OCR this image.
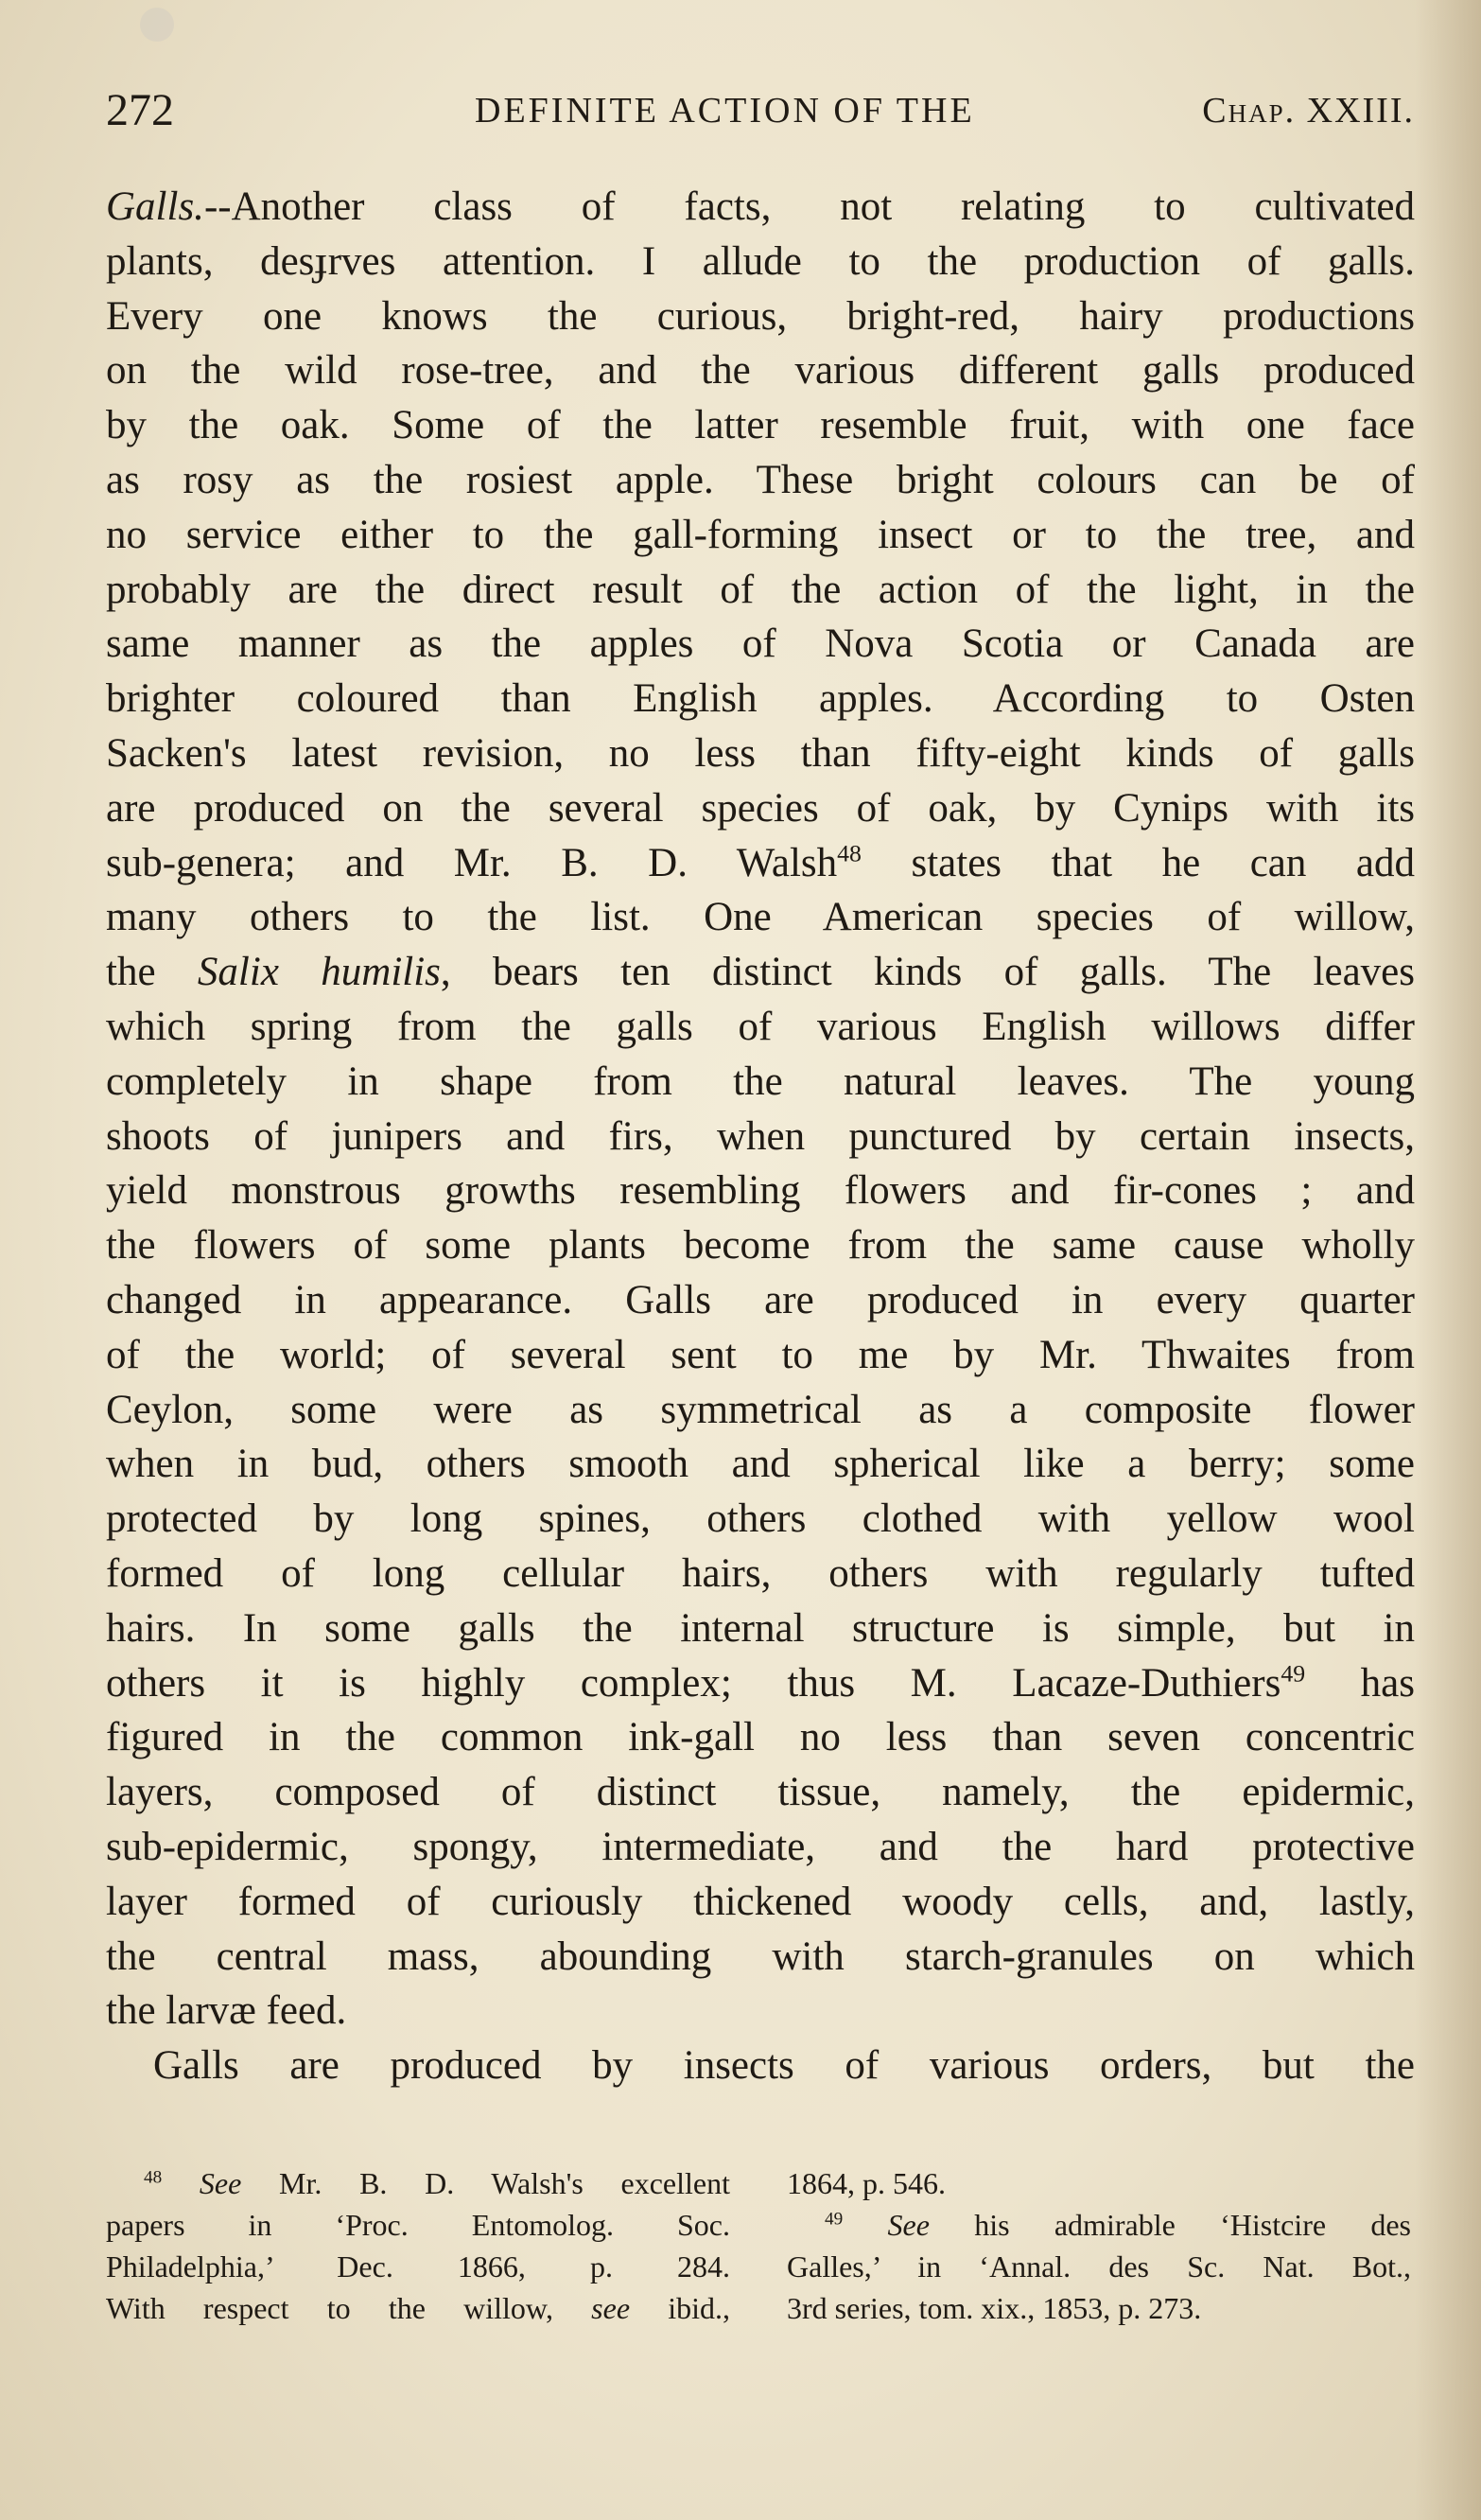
272	DEFINITE ACTION OF THE	Chap. XXIII.
Galls.--Another class of facts, not relating to cultivated
plants, desɟrves attention. I allude to the production of galls.
Every one knows the curious, bright-red, hairy productions
on the wild rose-tree, and the various different galls produced
by the oak. Some of the latter resemble fruit, with one face
as rosy as the rosiest apple. These bright colours can be of
no service either to the gall-forming insect or to the tree, and
probably are the direct result of the action of the light, in the
same manner as the apples of Nova Scotia or Canada are
brighter coloured than English apples. According to Osten
Sacken's latest revision, no less than fifty-eight kinds of galls
are produced on the several species of oak, by Cynips with its
sub-genera; and Mr. B. D. Walsh$^{48}$ states that he can add
many others to the list. One American species of willow,
the Salix humilis, bears ten distinct kinds of galls. The leaves
which spring from the galls of various English willows differ
completely in shape from the natural leaves. The young
shoots of junipers and firs, when punctured by certain insects,
yield monstrous growths resembling flowers and fir-cones ; and
the flowers of some plants become from the same cause wholly
changed in appearance. Galls are produced in every quarter
of the world; of several sent to me by Mr. Thwaites from
Ceylon, some were as symmetrical as a composite flower
when in bud, others smooth and spherical like a berry; some
protected by long spines, others clothed with yellow wool
formed of long cellular hairs, others with regularly tufted
hairs. In some galls the internal structure is simple, but in
others it is highly complex; thus M. Lacaze-Duthiers$^{49}$ has
figured in the common ink-gall no less than seven concentric
layers, composed of distinct tissue, namely, the epidermic,
sub-epidermic, spongy, intermediate, and the hard protective
layer formed of curiously thickened woody cells, and, lastly,
the central mass, abounding with starch-granules on which
the larvæ feed.
Galls are produced by insects of various orders, but the
$^{48}$ See Mr. B. D. Walsh's excellent
papers in ‘Proc. Entomolog. Soc.
Philadelphia,’ Dec. 1866, p. 284.
With respect to the willow, see ibid.,
1864, p. 546.
$^{49}$ See his admirable ‘Histcire des
Galles,’ in ‘Annal. des Sc. Nat. Bot.,
3rd series, tom. xix., 1853, p. 273.
